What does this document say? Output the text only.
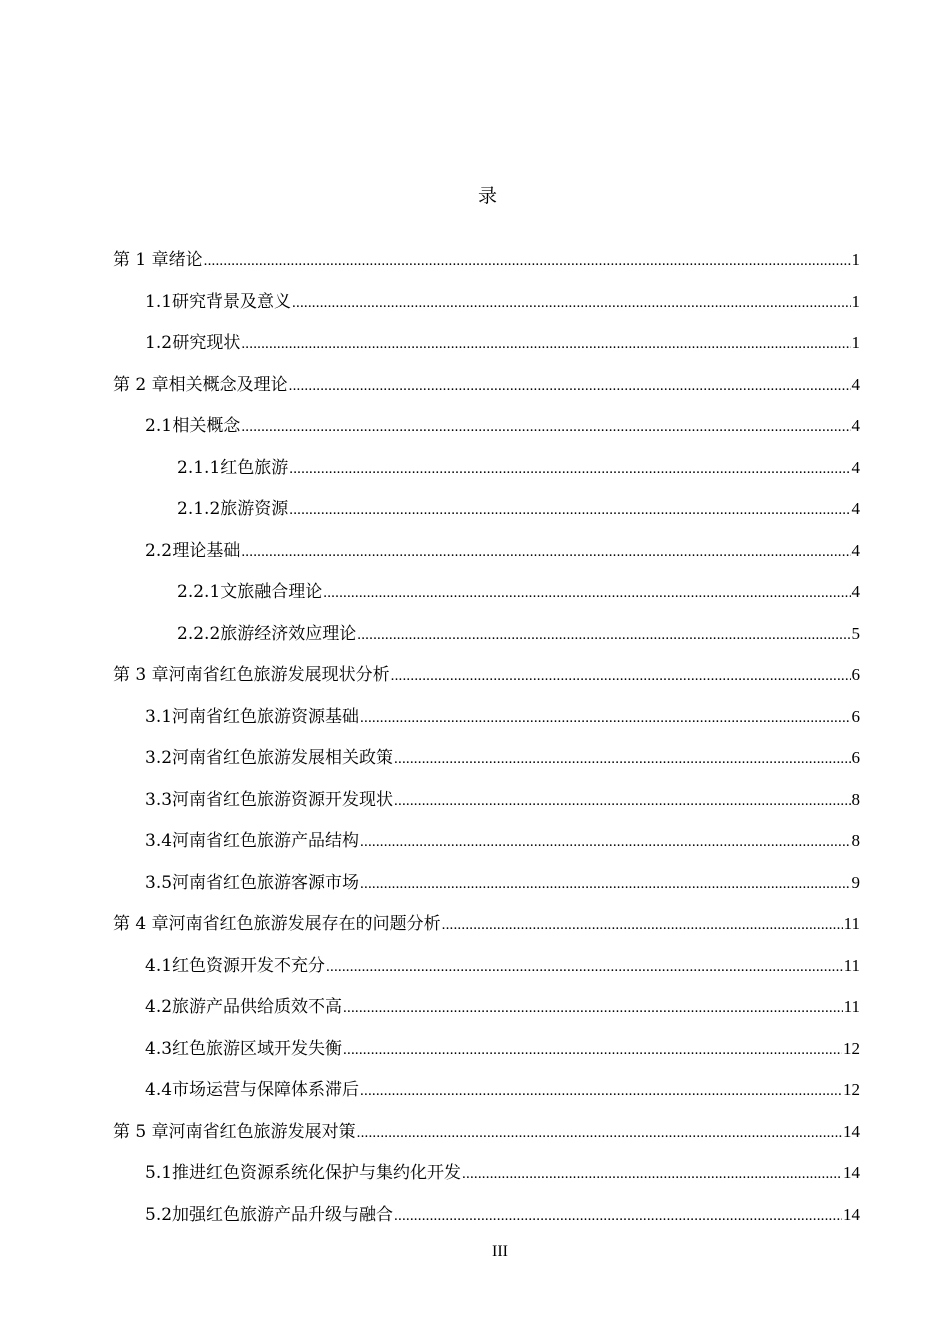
录
第 1 章 绪论 .....	1
1.1 研究背景及意义 .....	1
1.2 研究现状 .....	1
第 2 章 相关概念及理论 .....	4
2.1 相关概念 .....	4
2.1.1 红色旅游 .....	4
2.1.2 旅游资源 .....	4
2.2 理论基础 .....	4
2.2.1 文旅融合理论 .....	4
2.2.2 旅游经济效应理论 .....	5
第 3 章 河南省红色旅游发展现状分析 .....	6
3.1 河南省红色旅游资源基础 .....	6
3.2 河南省红色旅游发展相关政策 .....	6
3.3 河南省红色旅游资源开发现状 .....	8
3.4 河南省红色旅游产品结构 .....	8
3.5 河南省红色旅游客源市场 .....	9
第 4 章 河南省红色旅游发展存在的问题分析 .....	11
4.1 红色资源开发不充分 .....	11
4.2 旅游产品供给质效不高 .....	11
4.3 红色旅游区域开发失衡 .....	12
4.4 市场运营与保障体系滞后 .....	12
第 5 章 河南省红色旅游发展对策 .....	14
5.1 推进红色资源系统化保护与集约化开发 .....	14
5.2 加强红色旅游产品升级与融合 .....	14
III
